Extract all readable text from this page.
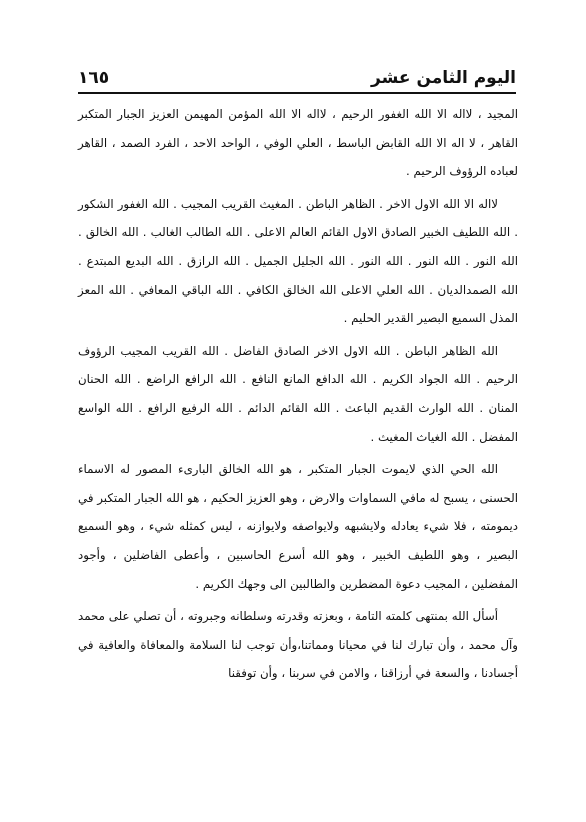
اليوم الثامن عشر
١٦٥

المجيد ، لااله الا الله الغفور الرحيم ، لااله الا الله المؤمن المهيمن العزيز الجبار المتكبر القاهر ، لا اله الا الله القابض الباسط ، العلي الوفي ، الواحد الاحد ، الفرد الصمد ، القاهر لعباده الرؤوف الرحيم .

لااله الا الله الاول الاخر . الظاهر الباطن . المغيث القريب المجيب . الله الغفور الشكور . الله اللطيف الخبير الصادق الاول القائم العالم الاعلى . الله الطالب الغالب . الله الخالق . الله النور . الله النور . الله النور . الله الجليل الجميل . الله الرازق . الله البديع المبتدع . الله الصمدالديان . الله العلي الاعلى الله الخالق الكافي . الله الباقي المعافي . الله المعز المذل السميع البصير القدير الحليم .

الله الظاهر الباطن . الله الاول الاخر الصادق الفاضل . الله القريب المجيب الرؤوف الرحيم . الله الجواد الكريم . الله الدافع المانع النافع . الله الرافع الراضع . الله الحنان المنان . الله الوارث القديم الباعث . الله القائم الدائم . الله الرفيع الرافع . الله الواسع المفضل . الله الغياث المغيث .

الله الحي الذي لايموت الجبار المتكبر ، هو الله الخالق البارىء المصور له الاسماء الحسنى ، يسبح له مافي السماوات والارض ، وهو العزيز الحكيم ، هو الله الجبار المتكبر في ديمومته ، فلا شيء يعادله ولايشبهه ولايواصفه ولايوازنه ، ليس كمثله شيء ، وهو السميع البصير ، وهو اللطيف الخبير ، وهو الله أسرع الحاسبين ، وأعطى الفاضلين ، وأجود المفضلين ، المجيب دعوة المضطرين والطالبين الى وجهك الكريم .

أسأل الله بمنتهى كلمته التامة ، وبعزته وقدرته وسلطانه وجبروته ، أن تصلي على محمد وآل محمد ، وأن تبارك لنا في محيانا ومماتنا،وأن توجب لنا السلامة والمعافاة والعافية في أجسادنا ، والسعة في أرزاقنا ، والامن في سربنا ، وأن توفقنا
